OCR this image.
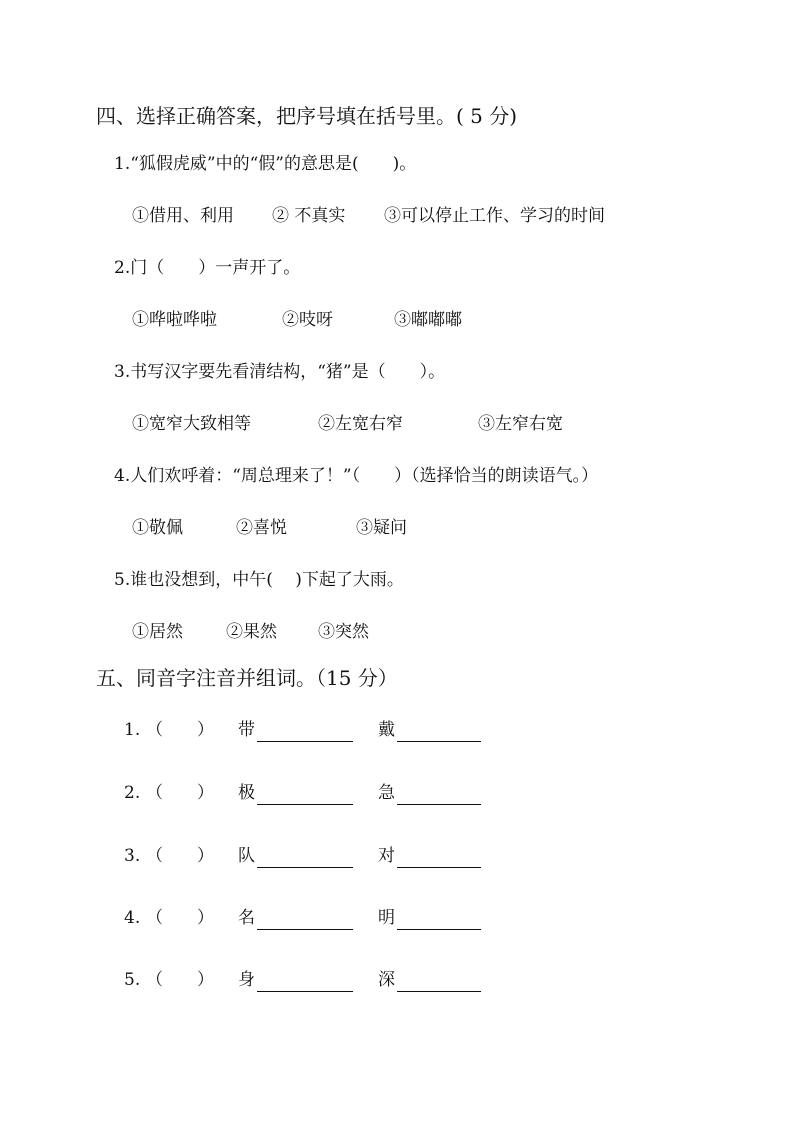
四、选择正确答案，把序号填在括号里。( 5 分)
1.“狐假虎威”中的“假”的意思是(　　)。
①借用、利用 ② 不真实 ③可以停止工作、学习的时间
2.门（　　）一声开了。
①哗啦哗啦	②吱呀	③嘟嘟嘟
3.书写汉字要先看清结构，“猪”是（　　）。
①宽窄大致相等	②左宽右窄	③左窄右宽
4.人们欢呼着：“周总理来了！”（　　）（选择恰当的朗读语气。）
①敬佩	②喜悦	③疑问
5.谁也没想到，中午(　 )下起了大雨。
①居然	②果然 ③突然
五、同音字注音并组词。（15 分）
1. （　　） 带	戴
2. （　　） 极	急
3. （　　） 队	对
4. （　　） 名	明
5. （　　） 身	深
